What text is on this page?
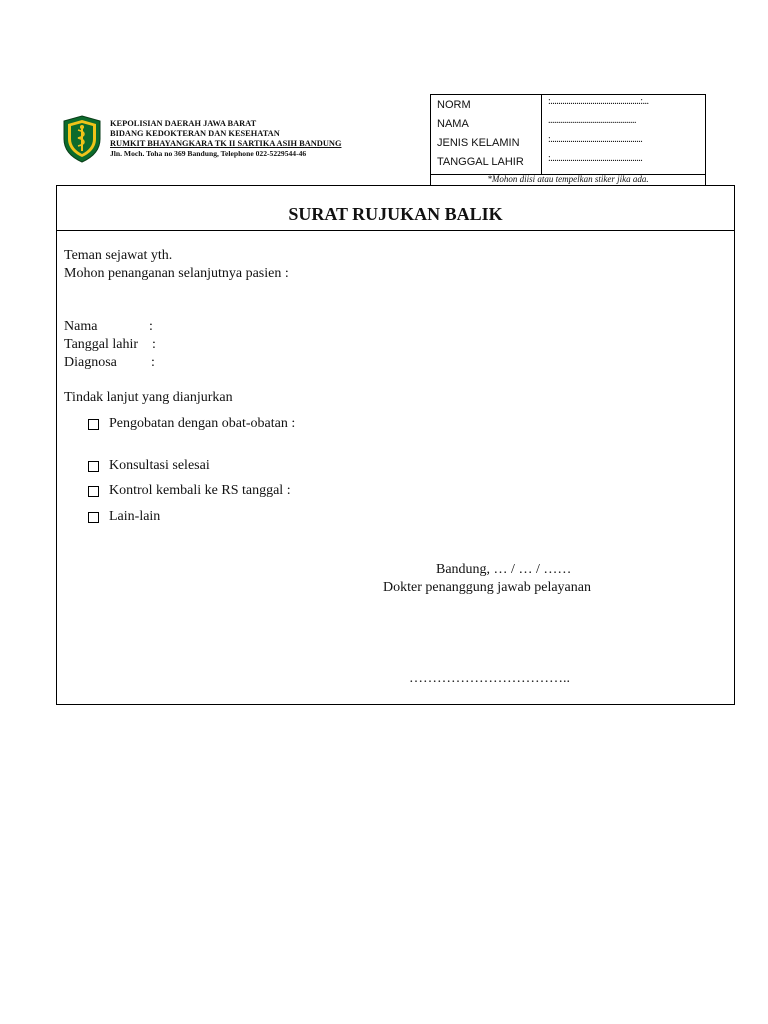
KEPOLISIAN DAERAH JAWA BARAT
BIDANG KEDOKTERAN DAN KESEHATAN
RUMKIT BHAYANGKARA TK II SARTIKA ASIH BANDUNG
Jln. Moch. Toha no 369 Bandung, Telephone 022-5229544-46
NORM	:.............................................:...
NAMA	............................................
JENIS KELAMIN	:..............................................
TANGGAL LAHIR :..............................................
*Mohon diisi atau tempelkan stiker jika ada.
SURAT RUJUKAN BALIK
Teman sejawat yth.
Mohon penanganan selanjutnya pasien :
Nama	:
Tanggal lahir :
Diagnosa :
Tindak lanjut yang dianjurkan
Pengobatan dengan obat-obatan :
Konsultasi selesai
Kontrol kembali ke RS tanggal :
Lain-lain
Bandung, … / … / ……
Dokter penanggung jawab pelayanan
……………………………..
